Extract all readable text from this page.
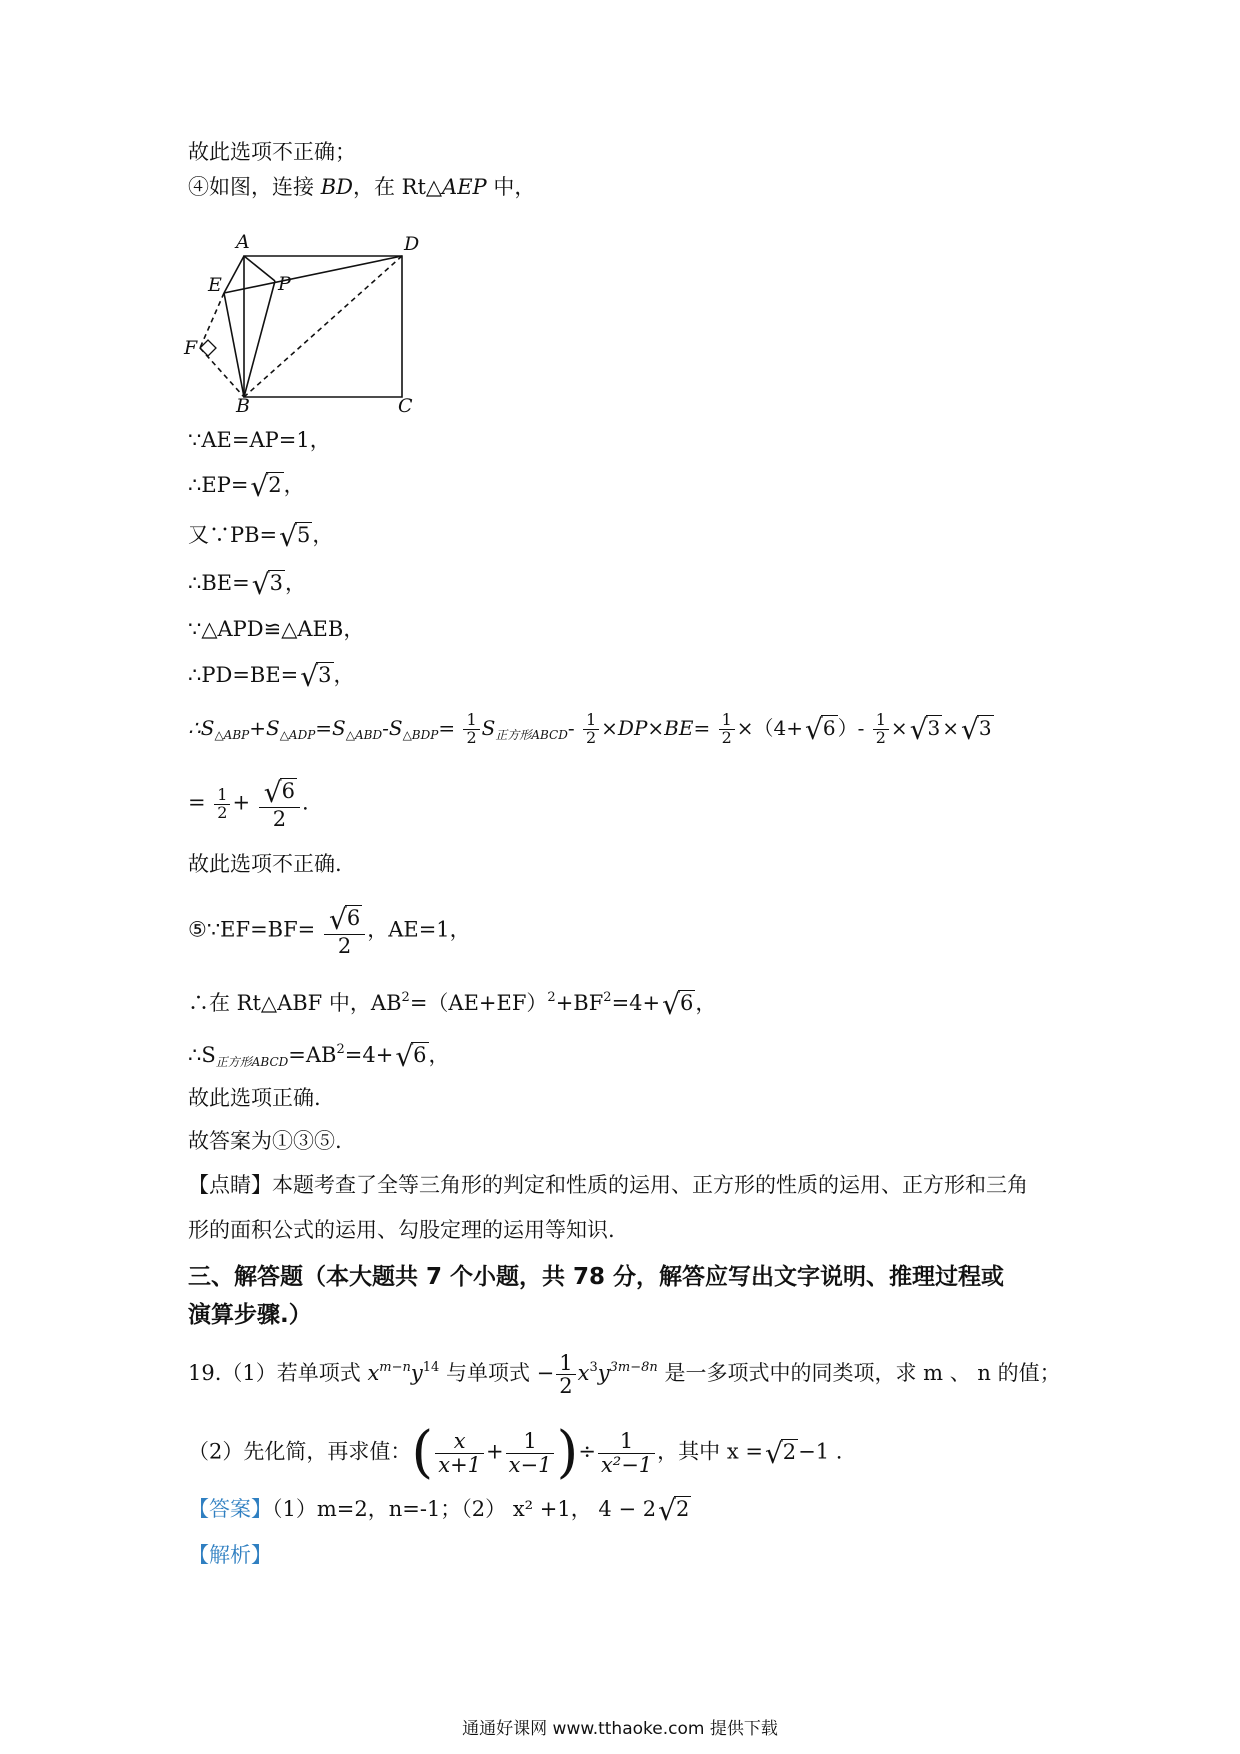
故此选项不正确；
④如图，连接 BD，在 Rt△AEP 中，
A	D
E	P
F
B	C
∵AE=AP=1，
∴EP=√2，
又∵PB=√5，
∴BE=√3，
∵△APD≌△AEB，
∴PD=BE=√3，
$\therefore S_{\triangle ABP}+S_{\triangle ADP}=S_{\triangle ABD}-S_{\triangle BDP}= \frac{1}{2} S_{正方形ABCD}- \frac{1}{2} \times DP\times BE= \frac{1}{2} \times(4+√6$ ）- $\frac{1}{2} \times√3 \times√3$
= $\frac{1}{2} + \frac{√6}{2}$ .
故此选项不正确.
⑤∵EF=BF= $\frac{√6}{2}$ ，AE=1，
∴在 Rt△ABF 中，$AB^2=(AE+EF)^2+BF^2=4+√6$，
$\therefore S_{正方形ABCD}=AB^2=4+√6$，
故此选项正确.
故答案为①③⑤.
【点睛】本题考查了全等三角形的判定和性质的运用、正方形的性质的运用、正方形和三角
形的面积公式的运用、勾股定理的运用等知识.
三、解答题（本大题共 7 个小题，共 78 分，解答应写出文字说明、推理过程或
演算步骤.）
19.（1）若单项式 $x^{m-n}y^{14}$ 与单项式 − $\frac{1}{2} x^3y^{3m-8n}$ 是一多项式中的同类项，求 m 、 n 的值；
（2）先化简，再求值：( $\frac{x}{x+1} + \frac{1}{x-1}$ )÷ $\frac{1}{\text{x²−1}}$ ，其中 x =√2−1 .
【答案】（1）m=2，n=-1；（2） x² +1， 4 − 2√2
【解析】
通通好课网 www.tthaoke.com 提供下载
